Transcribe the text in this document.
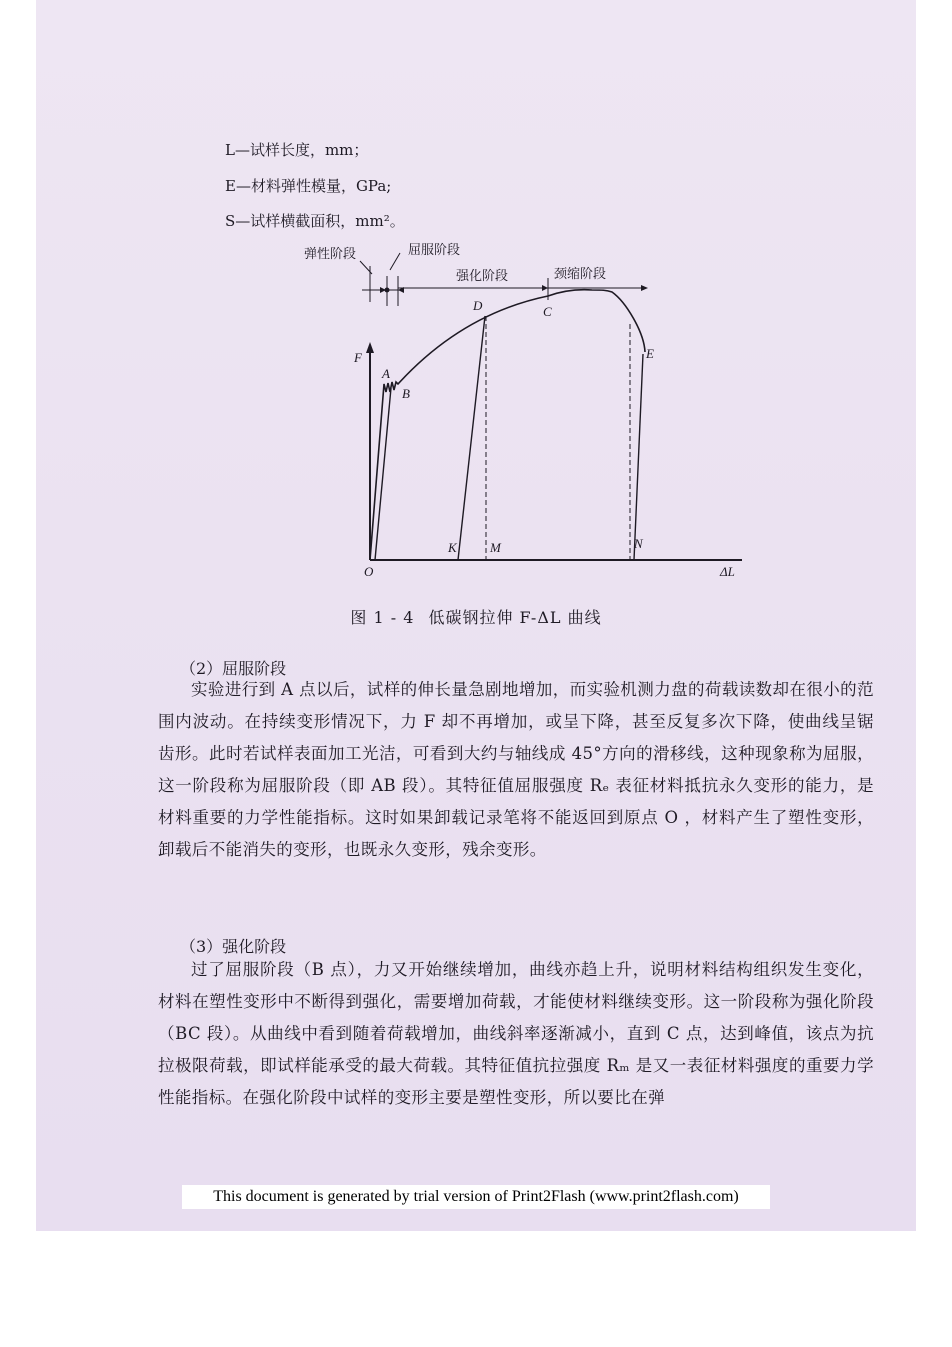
L—试样长度，mm；
E—材料弹性模量，GPa;
S—试样横截面积，mm²。
弹性阶段	屈服阶段
强化阶段	颈缩阶段
F
ΔL
O
A
B
D	C
E
K	M	N
图 1 - 4 低碳钢拉伸 F-ΔL 曲线
（2）屈服阶段
实验进行到 A 点以后，试样的伸长量急剧地增加，而实验机测力盘的荷载读数却在很小的范围内波动。在持续变形情况下，力 F 却不再增加，或呈下降，甚至反复多次下降，使曲线呈锯齿形。此时若试样表面加工光洁，可看到大约与轴线成 45°方向的滑移线，这种现象称为屈服，这一阶段称为屈服阶段（即 AB 段）。其特征值屈服强度 Rₑ 表征材料抵抗永久变形的能力，是材料重要的力学性能指标。这时如果卸载记录笔将不能返回到原点 O ，材料产生了塑性变形，卸载后不能消失的变形，也既永久变形，残余变形。
（3）强化阶段
过了屈服阶段（B 点），力又开始继续增加，曲线亦趋上升，说明材料结构组织发生变化，材料在塑性变形中不断得到强化，需要增加荷载，才能使材料继续变形。这一阶段称为强化阶段（BC 段）。从曲线中看到随着荷载增加，曲线斜率逐渐减小，直到 C 点，达到峰值，该点为抗拉极限荷载，即试样能承受的最大荷载。其特征值抗拉强度 Rₘ 是又一表征材料强度的重要力学性能指标。在强化阶段中试样的变形主要是塑性变形，所以要比在弹
This document is generated by trial version of Print2Flash (www.print2flash.com)
